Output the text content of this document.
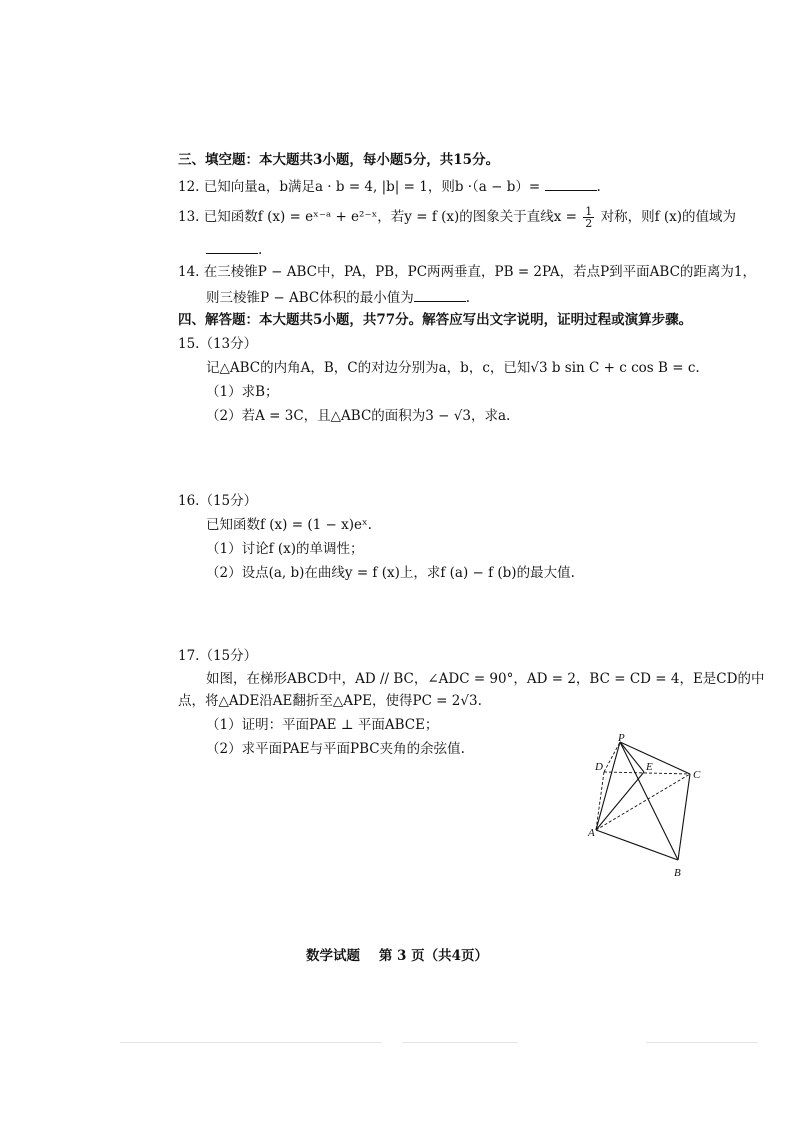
三、填空题：本大题共3小题，每小题5分，共15分。
12. 已知向量a，b满足a · b = 4, |b| = 1，则b ·（a − b）=	.
13. 已知函数f (x) = eˣ⁻ᵃ + e²⁻ˣ，若y = f (x)的图象关于直线$x = \frac{1}{2}$ 对称，则f (x)的值域为
.
14. 在三棱锥P − ABC中，PA，PB，PC两两垂直，PB = 2PA，若点P到平面ABC的距离为1，
则三棱锥P − ABC体积的最小值为	.
四、解答题：本大题共5小题，共77分。解答应写出文字说明，证明过程或演算步骤。
15.（13分）
记△ABC的内角A，B，C的对边分别为a，b，c，已知√3 b sin C + c cos B = c.
（1）求B；
（2）若A = 3C，且△ABC的面积为3 − √3，求a.
16.（15分）
已知函数f (x) = (1 − x)eˣ.
（1）讨论f (x)的单调性；
（2）设点(a, b)在曲线y = f (x)上，求f (a) − f (b)的最大值.
17.（15分）
如图，在梯形ABCD中，AD // BC，∠ADC = 90°，AD = 2，BC = CD = 4，E是CD的中
点，将△ADE沿AE翻折至△APE，使得PC = 2√3.
（1）证明：平面PAE ⊥ 平面ABCE；
（2）求平面PAE与平面PBC夹角的余弦值.
P
D	E
C
A
B
数学试题 第 3 页（共4页）
